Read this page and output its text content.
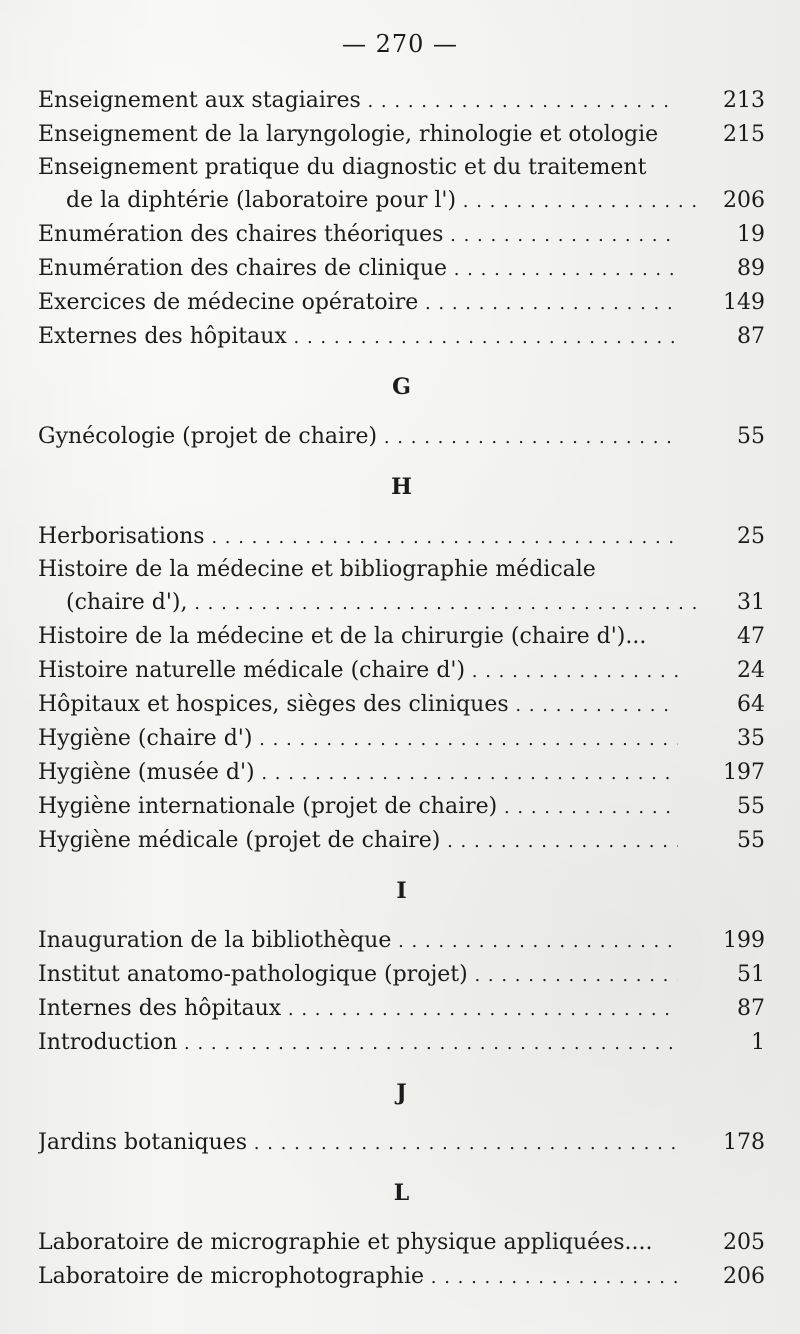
— 270 —
Enseignement aux stagiaires . . .	213
Enseignement de la laryngologie, rhinologie et otologie	215
Enseignement pratique du diagnostic et du traitement
de la diphtérie (laboratoire pour l') . . .	206
Enumération des chaires théoriques . . .	19
Enumération des chaires de clinique . . .	89
Exercices de médecine opératoire . . .	149
Externes des hôpitaux . . .	87
G
Gynécologie (projet de chaire) . . .	55
H
Herborisations . . .	25
Histoire de la médecine et bibliographie médicale
(chaire d'), . . .	31
Histoire de la médecine et de la chirurgie (chaire d')...	47
Histoire naturelle médicale (chaire d') . . .	24
Hôpitaux et hospices, sièges des cliniques . . .	64
Hygiène (chaire d') . . .	35
Hygiène (musée d') . . .	197
Hygiène internationale (projet de chaire) . . .	55
Hygiène médicale (projet de chaire) . . .	55
I
Inauguration de la bibliothèque . . .	199
Institut anatomo-pathologique (projet) . . .	51
Internes des hôpitaux . . .	87
Introduction . . .	1
J
Jardins botaniques . . .	178
L
Laboratoire de micrographie et physique appliquées....	205
Laboratoire de microphotographie . . .	206
